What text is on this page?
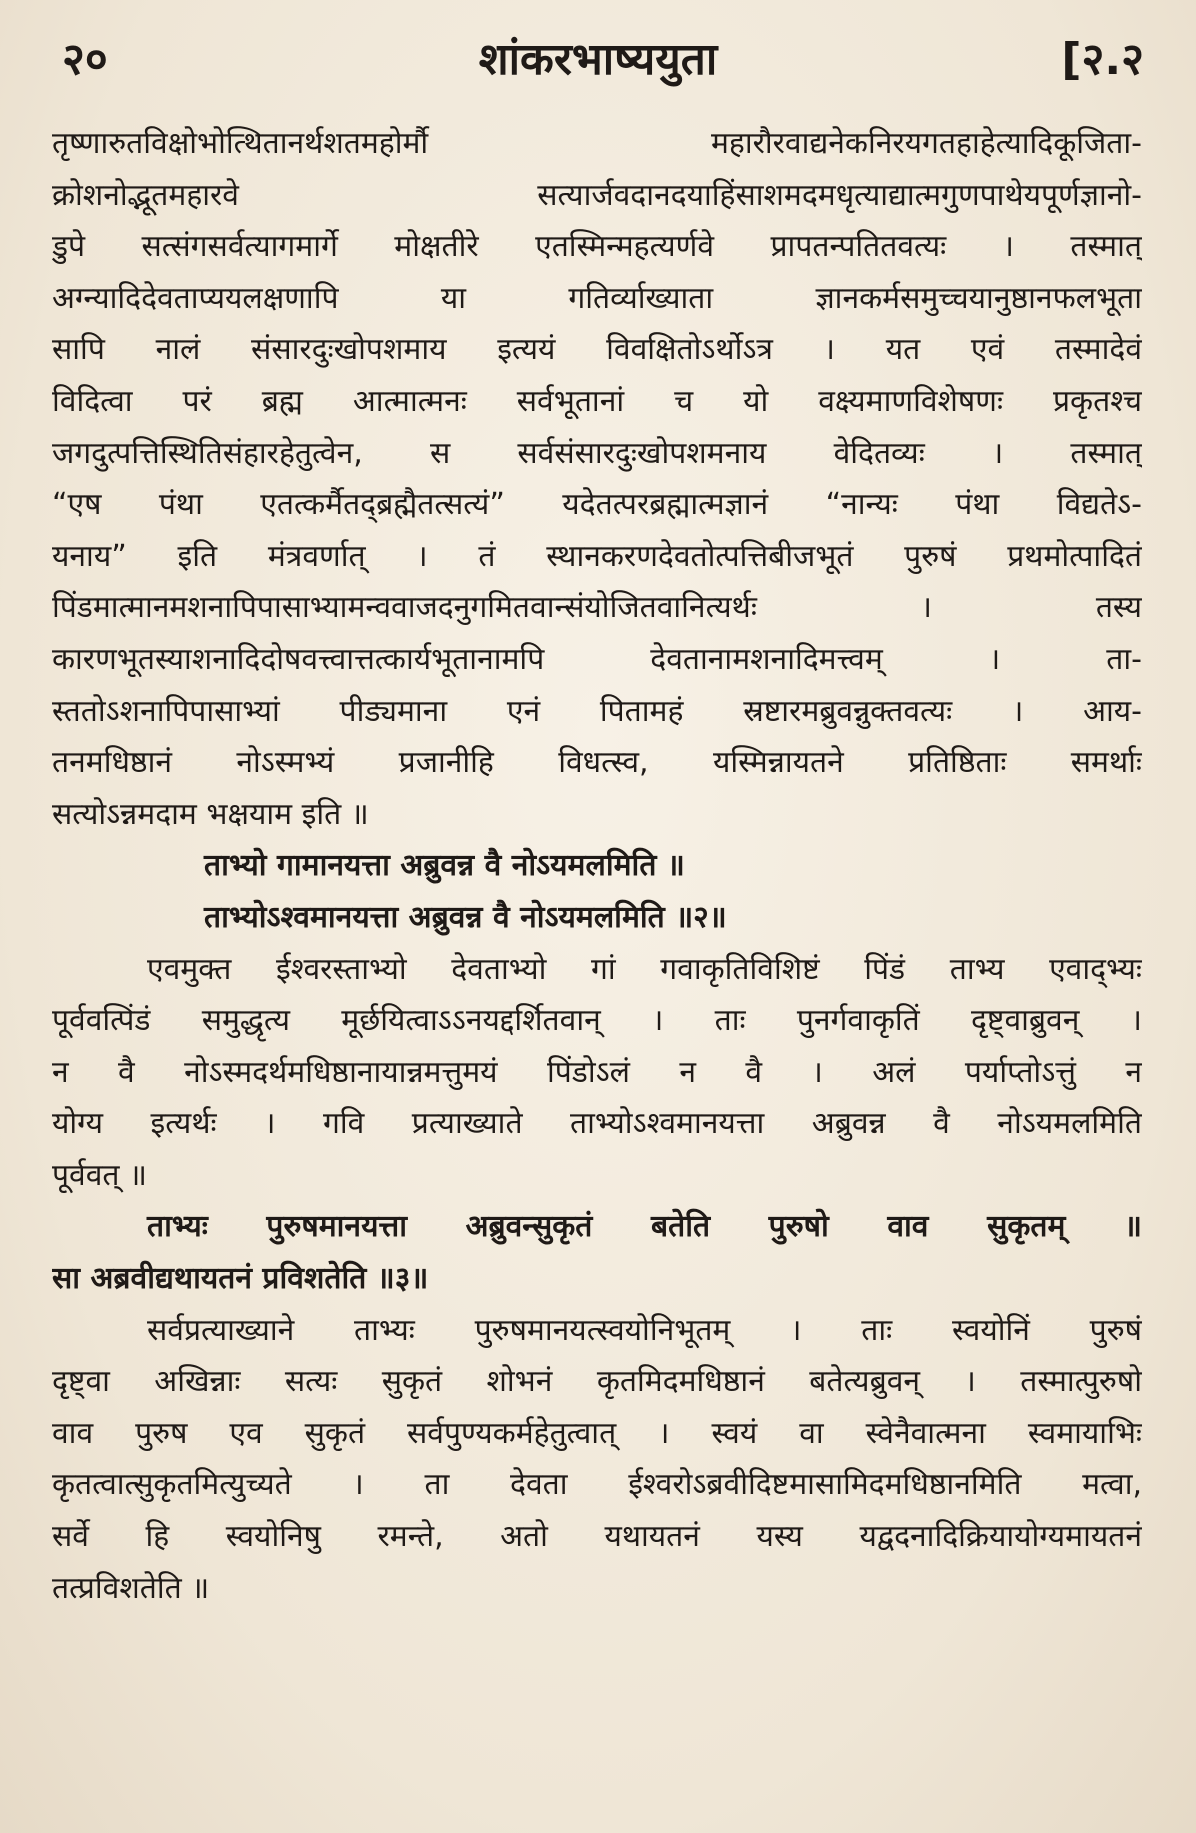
२०	शांकरभाष्ययुता	[२.२
तृष्णारुतविक्षोभोत्थितानर्थशतमहोर्मौ महारौरवाद्यनेकनिरयगतहाहेत्यादिकूजिता-
क्रोशनोद्भूतमहारवे सत्यार्जवदानदयाहिंसाशमदमधृत्याद्यात्मगुणपाथेयपूर्णज्ञानो-
डुपे सत्संगसर्वत्यागमार्गे मोक्षतीरे एतस्मिन्महत्यर्णवे प्रापतन्पतितवत्यः । तस्मात्
अग्न्यादिदेवताप्ययलक्षणापि या गतिर्व्याख्याता ज्ञानकर्मसमुच्चयानुष्ठानफलभूता
सापि नालं संसारदुःखोपशमाय इत्ययं विवक्षितोऽर्थोऽत्र । यत एवं तस्मादेवं
विदित्वा परं ब्रह्म आत्मात्मनः सर्वभूतानां च यो वक्ष्यमाणविशेषणः प्रकृतश्च
जगदुत्पत्तिस्थितिसंहारहेतुत्वेन, स सर्वसंसारदुःखोपशमनाय वेदितव्यः । तस्मात्
“एष पंथा एतत्कर्मैतद्ब्रह्मैतत्सत्यं” यदेतत्परब्रह्मात्मज्ञानं “नान्यः पंथा विद्यतेऽ-
यनाय” इति मंत्रवर्णात् । तं स्थानकरणदेवतोत्पत्तिबीजभूतं पुरुषं प्रथमोत्पादितं
पिंडमात्मानमशनापिपासाभ्यामन्ववाजदनुगमितवान्संयोजितवानित्यर्थः । तस्य
कारणभूतस्याशनादिदोषवत्त्वात्तत्कार्यभूतानामपि देवतानामशनादिमत्त्वम् । ता-
स्ततोऽशनापिपासाभ्यां पीड्यमाना एनं पितामहं स्रष्टारमब्रुवन्नुक्तवत्यः । आय-
तनमधिष्ठानं नोऽस्मभ्यं प्रजानीहि विधत्स्व, यस्मिन्नायतने प्रतिष्ठिताः समर्थाः
सत्योऽन्नमदाम भक्षयाम इति ॥
ताभ्यो गामानयत्ता अब्रुवन्न वै नोऽयमलमिति ॥
ताभ्योऽश्वमानयत्ता अब्रुवन्न वै नोऽयमलमिति ॥२॥
एवमुक्त ईश्वरस्ताभ्यो देवताभ्यो गां गवाकृतिविशिष्टं पिंडं ताभ्य एवाद्भ्यः
पूर्ववत्पिंडं समुद्धृत्य मूर्छयित्वाऽऽनयद्दर्शितवान् । ताः पुनर्गवाकृतिं दृष्ट्वाब्रुवन् ।
न वै नोऽस्मदर्थमधिष्ठानायान्नमत्तुमयं पिंडोऽलं न वै । अलं पर्याप्तोऽत्तुं न
योग्य इत्यर्थः । गवि प्रत्याख्याते ताभ्योऽश्वमानयत्ता अब्रुवन्न वै नोऽयमलमिति
पूर्ववत् ॥
ताभ्यः पुरुषमानयत्ता अब्रुवन्सुकृतं बतेति पुरुषो वाव सुकृतम् ॥
सा अब्रवीद्यथायतनं प्रविशतेति ॥३॥
सर्वप्रत्याख्याने ताभ्यः पुरुषमानयत्स्वयोनिभूतम् । ताः स्वयोनिं पुरुषं
दृष्ट्वा अखिन्नाः सत्यः सुकृतं शोभनं कृतमिदमधिष्ठानं बतेत्यब्रुवन् । तस्मात्पुरुषो
वाव पुरुष एव सुकृतं सर्वपुण्यकर्महेतुत्वात् । स्वयं वा स्वेनैवात्मना स्वमायाभिः
कृतत्वात्सुकृतमित्युच्यते । ता देवता ईश्वरोऽब्रवीदिष्टमासामिदमधिष्ठानमिति मत्वा,
सर्वे हि स्वयोनिषु रमन्ते, अतो यथायतनं यस्य यद्वदनादिक्रियायोग्यमायतनं
तत्प्रविशतेति ॥
